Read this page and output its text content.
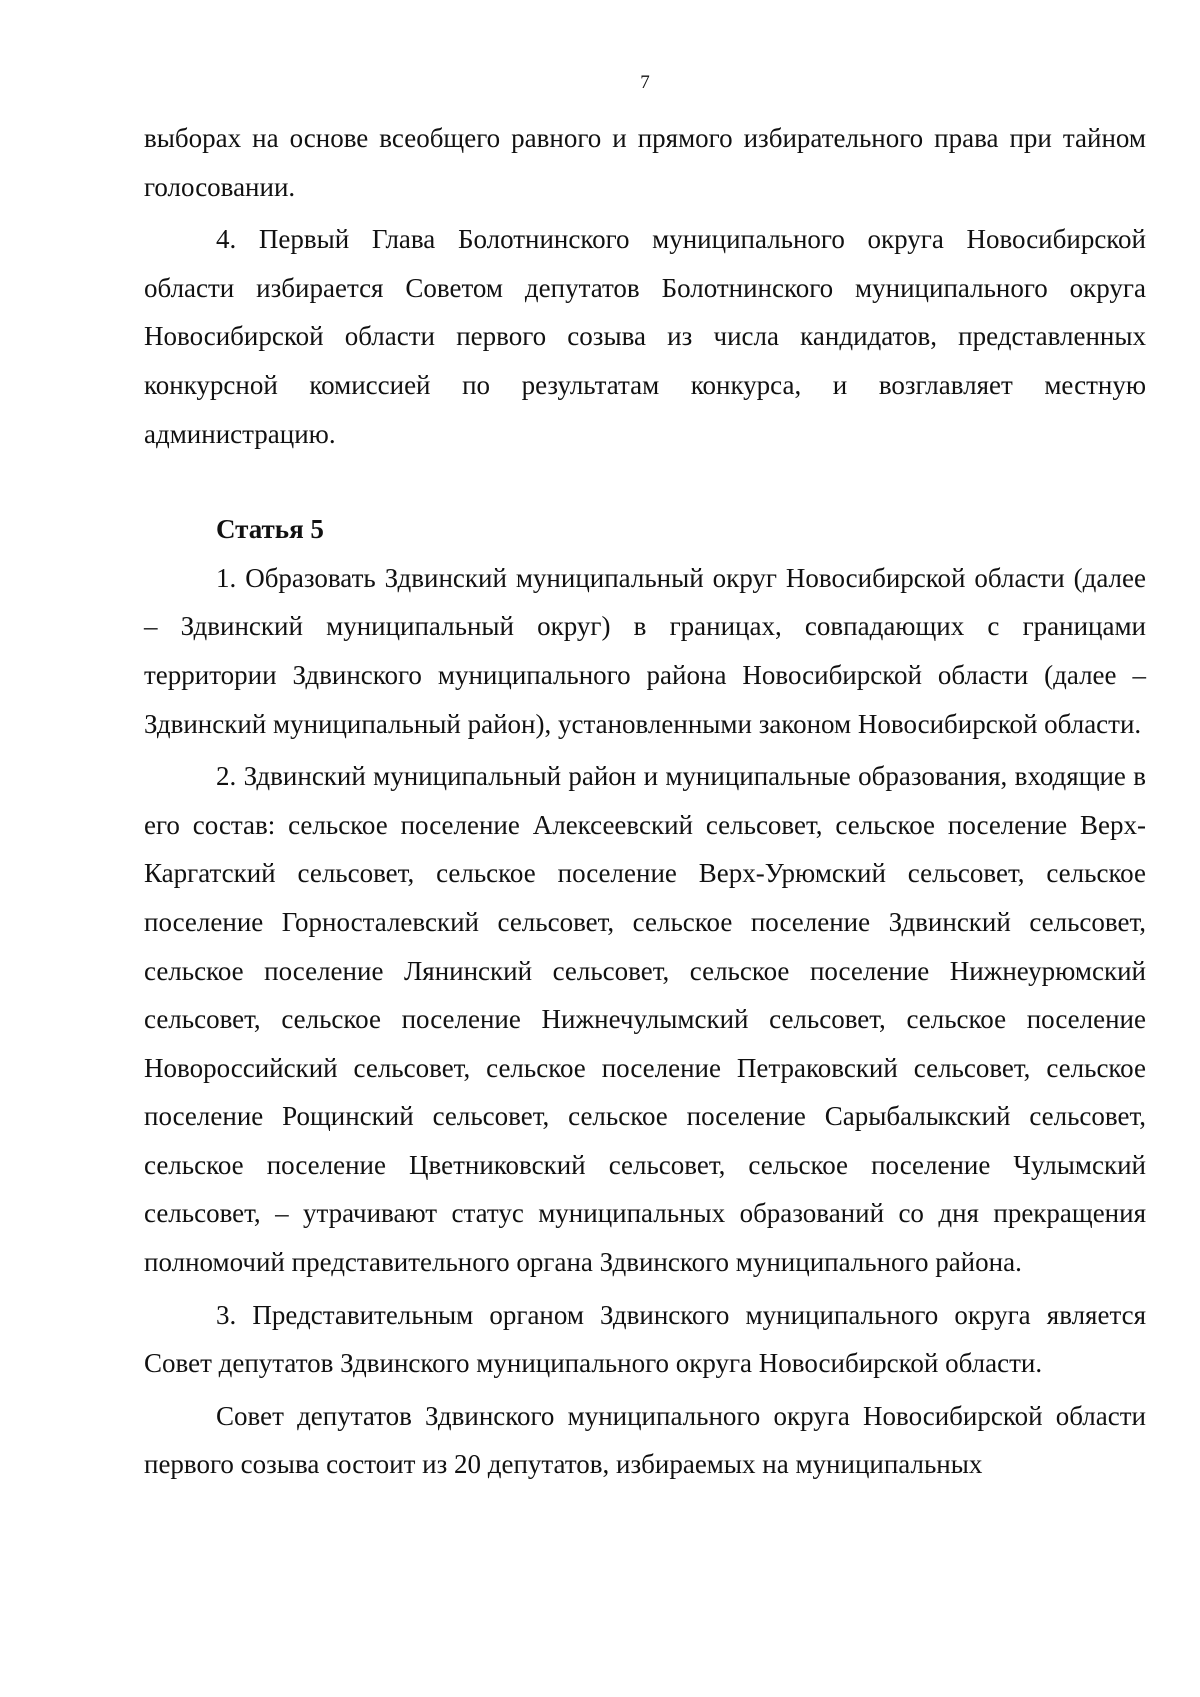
7

выборах на основе всеобщего равного и прямого избирательного права при тайном голосовании.

4. Первый Глава Болотнинского муниципального округа Новосибирской области избирается Советом депутатов Болотнинского муниципального округа Новосибирской области первого созыва из числа кандидатов, представленных конкурсной комиссией по результатам конкурса, и возглавляет местную администрацию.

Статья 5

1. Образовать Здвинский муниципальный округ Новосибирской области (далее – Здвинский муниципальный округ) в границах, совпадающих с границами территории Здвинского муниципального района Новосибирской области (далее – Здвинский муниципальный район), установленными законом Новосибирской области.

2. Здвинский муниципальный район и муниципальные образования, входящие в его состав: сельское поселение Алексеевский сельсовет, сельское поселение Верх-Каргатский сельсовет, сельское поселение Верх-Урюмский сельсовет, сельское поселение Горносталевский сельсовет, сельское поселение Здвинский сельсовет, сельское поселение Лянинский сельсовет, сельское поселение Нижнеурюмский сельсовет, сельское поселение Нижнечулымский сельсовет, сельское поселение Новороссийский сельсовет, сельское поселение Петраковский сельсовет, сельское поселение Рощинский сельсовет, сельское поселение Сарыбалыкский сельсовет, сельское поселение Цветниковский сельсовет, сельское поселение Чулымский сельсовет, – утрачивают статус муниципальных образований со дня прекращения полномочий представительного органа Здвинского муниципального района.

3. Представительным органом Здвинского муниципального округа является Совет депутатов Здвинского муниципального округа Новосибирской области.

Совет депутатов Здвинского муниципального округа Новосибирской области первого созыва состоит из 20 депутатов, избираемых на муниципальных
